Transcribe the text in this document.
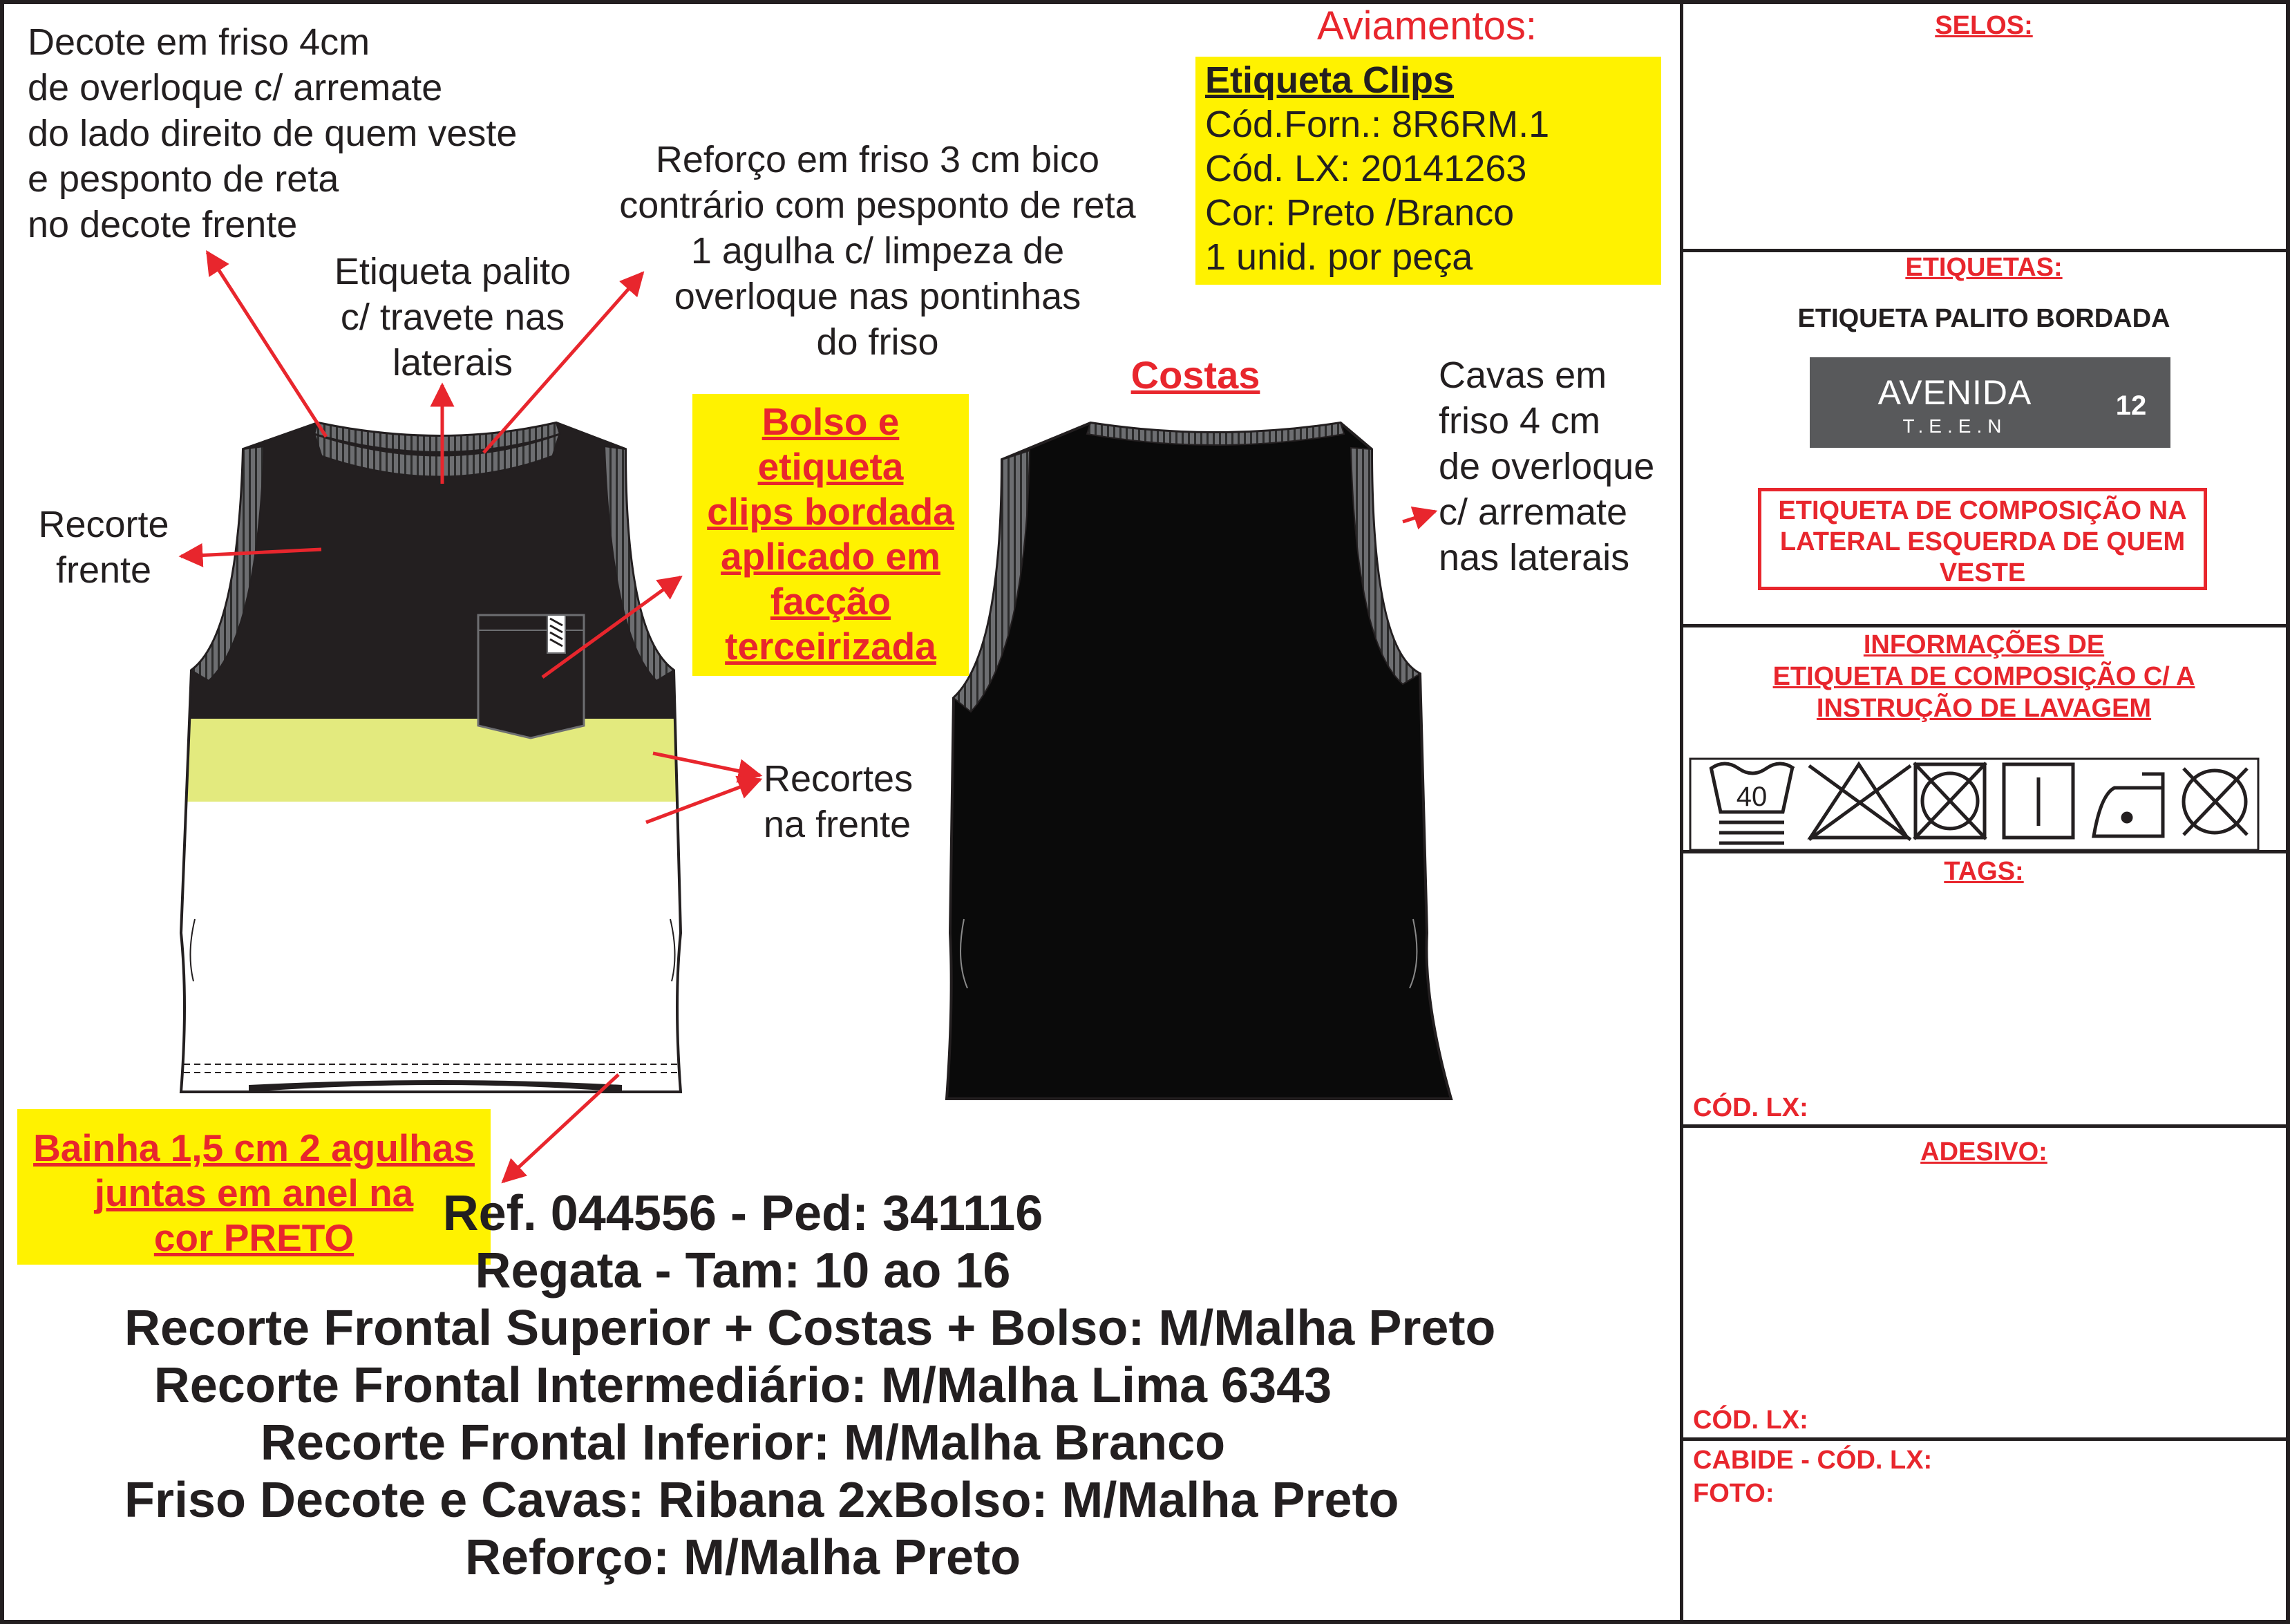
40
Decote em friso 4cm
de overloque c/ arremate
do lado direito de quem veste
e pesponto de reta
no decote frente
Etiqueta palito
c/ travete nas
laterais
Reforço em friso 3 cm bico
contrário com pesponto de reta
1 agulha c/ limpeza de
overloque nas pontinhas
do friso
Recorte
frente
Recortes
na frente
Cavas em
friso 4 cm
de overloque
c/ arremate
nas laterais
Costas
Aviamentos:
Etiqueta Clips
Cód.Forn.: 8R6RM.1
Cód. LX: 20141263
Cor: Preto /Branco
1 unid. por peça
Bolso e
etiqueta
clips bordada
aplicado em
facção
terceirizada
Bainha 1,5 cm 2 agulhas
juntas em anel na
cor PRETO	Ref. 044556 - Ped: 341116
Regata - Tam: 10 ao 16
Recorte Frontal Superior + Costas + Bolso: M/Malha Preto
Recorte Frontal Intermediário: M/Malha Lima 6343
Recorte Frontal Inferior: M/Malha Branco
Friso Decote e Cavas: Ribana 2xBolso: M/Malha Preto
Reforço: M/Malha Preto
SELOS:
ETIQUETAS:
ETIQUETA PALITO BORDADA
AVENIDA
T.E.E.N
12
ETIQUETA DE COMPOSIÇÃO NA
LATERAL ESQUERDA DE QUEM
VESTE
INFORMAÇÕES DE
ETIQUETA DE COMPOSIÇÃO C/ A
INSTRUÇÃO DE LAVAGEM
TAGS:
CÓD. LX:
ADESIVO:
CÓD. LX:
CABIDE - CÓD. LX:
FOTO:
